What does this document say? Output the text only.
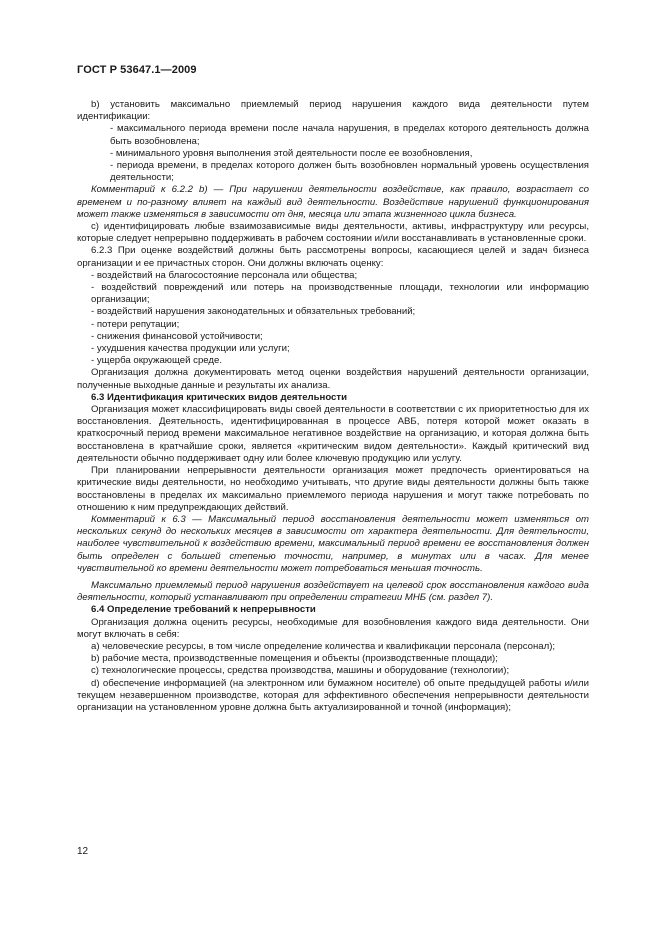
ГОСТ Р 53647.1—2009

b) установить максимально приемлемый период нарушения каждого вида деятельности путем идентификации:

- максимального периода времени после начала нарушения, в пределах которого деятельность должна быть возобновлена;

- минимального уровня выполнения этой деятельности после ее возобновления,

- периода времени, в пределах которого должен быть возобновлен нормальный уровень осуществления деятельности;

Комментарий к 6.2.2 b) — При нарушении деятельности воздействие, как правило, возрастает со временем и по-разному влияет на каждый вид деятельности. Воздействие нарушений функционирования может также изменяться в зависимости от дня, месяца или этапа жизненного цикла бизнеса.

c) идентифицировать любые взаимозависимые виды деятельности, активы, инфраструктуру или ресурсы, которые следует непрерывно поддерживать в рабочем состоянии и/или восстанавливать в установленные сроки.

6.2.3 При оценке воздействий должны быть рассмотрены вопросы, касающиеся целей и задач бизнеса организации и ее причастных сторон. Они должны включать оценку:

- воздействий на благосостояние персонала или общества;

- воздействий повреждений или потерь на производственные площади, технологии или информацию организации;

- воздействий нарушения законодательных и обязательных требований;

- потери репутации;

- снижения финансовой устойчивости;

- ухудшения качества продукции или услуги;

- ущерба окружающей среде.

Организация должна документировать метод оценки воздействия нарушений деятельности организации, полученные выходные данные и результаты их анализа.

6.3 Идентификация критических видов деятельности

Организация может классифицировать виды своей деятельности в соответствии с их приоритетностью для их восстановления. Деятельность, идентифицированная в процессе АВБ, потеря которой может оказать в краткосрочный период времени максимальное негативное воздействие на организацию, и которая должна быть восстановлена в кратчайшие сроки, является «критическим видом деятельности». Каждый критический вид деятельности обычно поддерживает одну или более ключевую продукцию или услугу.

При планировании непрерывности деятельности организация может предпочесть ориентироваться на критические виды деятельности, но необходимо учитывать, что другие виды деятельности должны быть также восстановлены в пределах их максимально приемлемого периода нарушения и могут также потребовать по отношению к ним предупреждающих действий.

Комментарий к 6.3 — Максимальный период восстановления деятельности может изменяться от нескольких секунд до нескольких месяцев в зависимости от характера деятельности. Для деятельности, наиболее чувствительной к воздействию времени, максимальный период времени ее восстановления должен быть определен с большей степенью точности, например, в минутах или в часах. Для менее чувствительной ко времени деятельности может потребоваться меньшая точность.

Максимально приемлемый период нарушения воздействует на целевой срок восстановления каждого вида деятельности, который устанавливают при определении стратегии МНБ (см. раздел 7).

6.4 Определение требований к непрерывности

Организация должна оценить ресурсы, необходимые для возобновления каждого вида деятельности. Они могут включать в себя:

a) человеческие ресурсы, в том числе определение количества и квалификации персонала (персонал);

b) рабочие места, производственные помещения и объекты (производственные площади);

c) технологические процессы, средства производства, машины и оборудование (технологии);

d) обеспечение информацией (на электронном или бумажном носителе) об опыте предыдущей работы и/или текущем незавершенном производстве, которая для эффективного обеспечения непрерывности деятельности организации на установленном уровне должна быть актуализированной и точной (информация);

12
